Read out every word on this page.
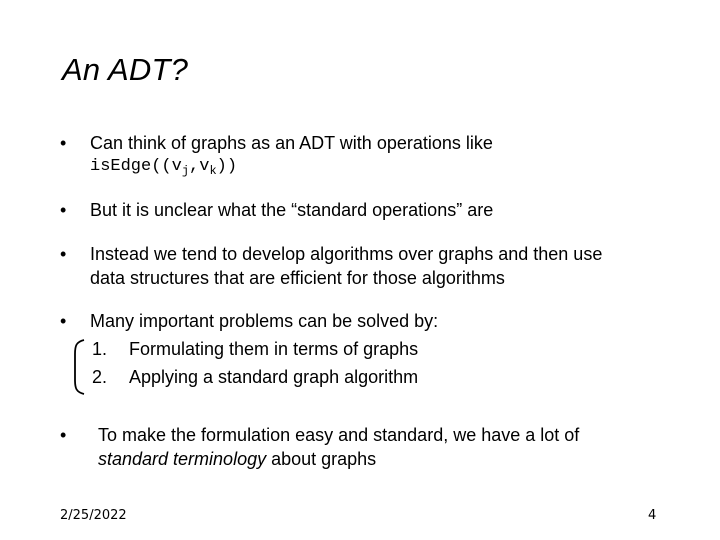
An ADT?
•	Can think of graphs as an ADT with operations like
$isEdge((v_j,v_k))$
•	But it is unclear what the “standard operations” are
•	Instead we tend to develop algorithms over graphs and then use
data structures that are efficient for those algorithms
•	Many important problems can be solved by:
1. Formulating them in terms of graphs
2. Applying a standard graph algorithm
•	To make the formulation easy and standard, we have a lot of
standard terminology about graphs
2/25/2022	4
